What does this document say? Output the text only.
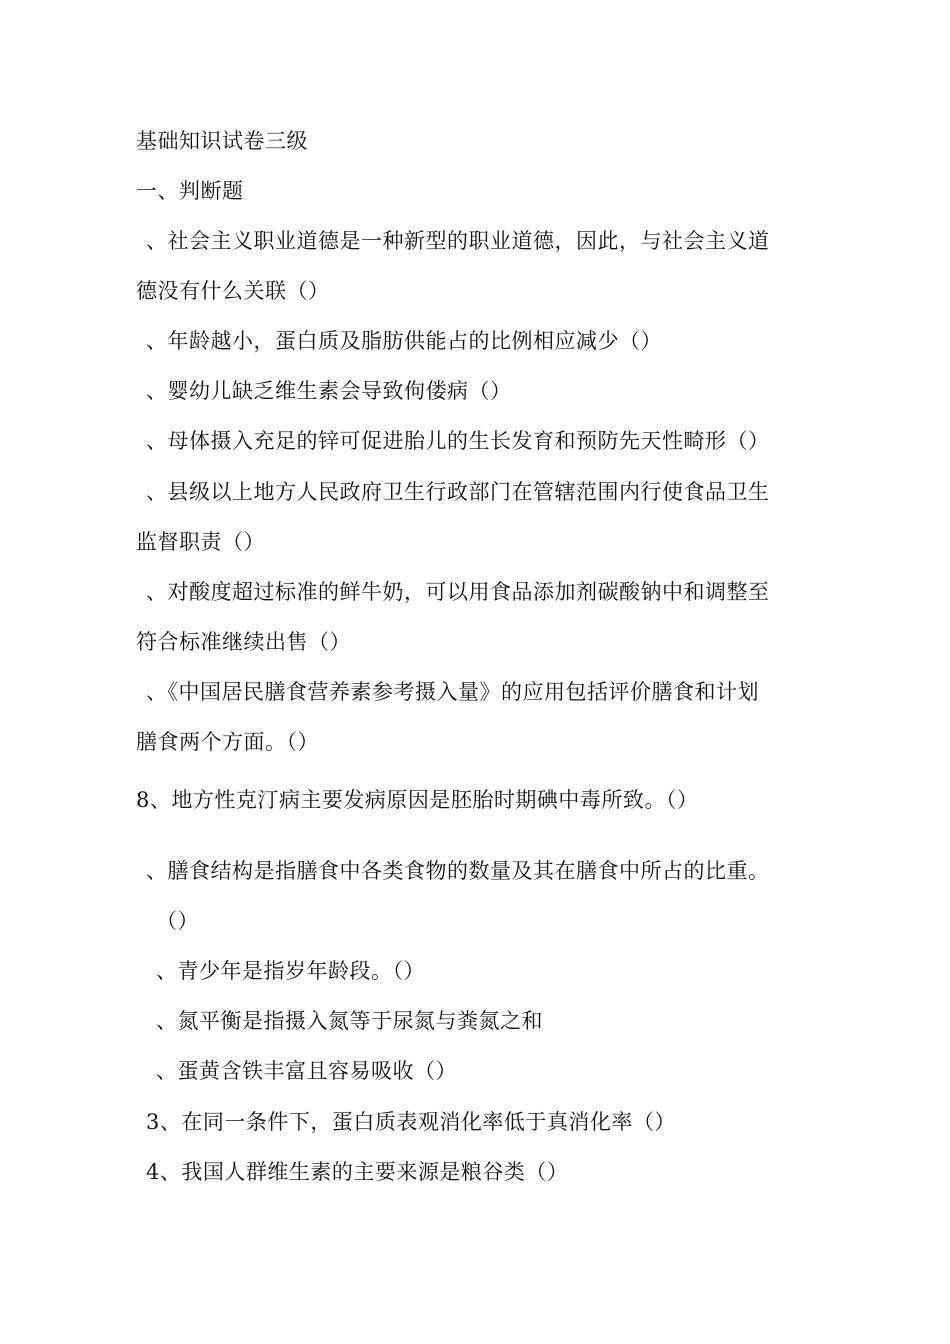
基础知识试卷三级
一、判断题
、社会主义职业道德是一种新型的职业道德，因此，与社会主义道
德没有什么关联（）
、年龄越小，蛋白质及脂肪供能占的比例相应减少（）
、婴幼儿缺乏维生素会导致佝偻病（）
、母体摄入充足的锌可促进胎儿的生长发育和预防先天性畸形（）
、县级以上地方人民政府卫生行政部门在管辖范围内行使食品卫生
监督职责（）
、对酸度超过标准的鲜牛奶，可以用食品添加剂碳酸钠中和调整至
符合标准继续出售（）
、《中国居民膳食营养素参考摄入量》的应用包括评价膳食和计划
膳食两个方面。（）
8、地方性克汀病主要发病原因是胚胎时期碘中毒所致。（）
、膳食结构是指膳食中各类食物的数量及其在膳食中所占的比重。
（）
、青少年是指岁年龄段。（）
、氮平衡是指摄入氮等于尿氮与粪氮之和
、蛋黄含铁丰富且容易吸收（）
3、在同一条件下，蛋白质表观消化率低于真消化率（）
4、我国人群维生素的主要来源是粮谷类（）
